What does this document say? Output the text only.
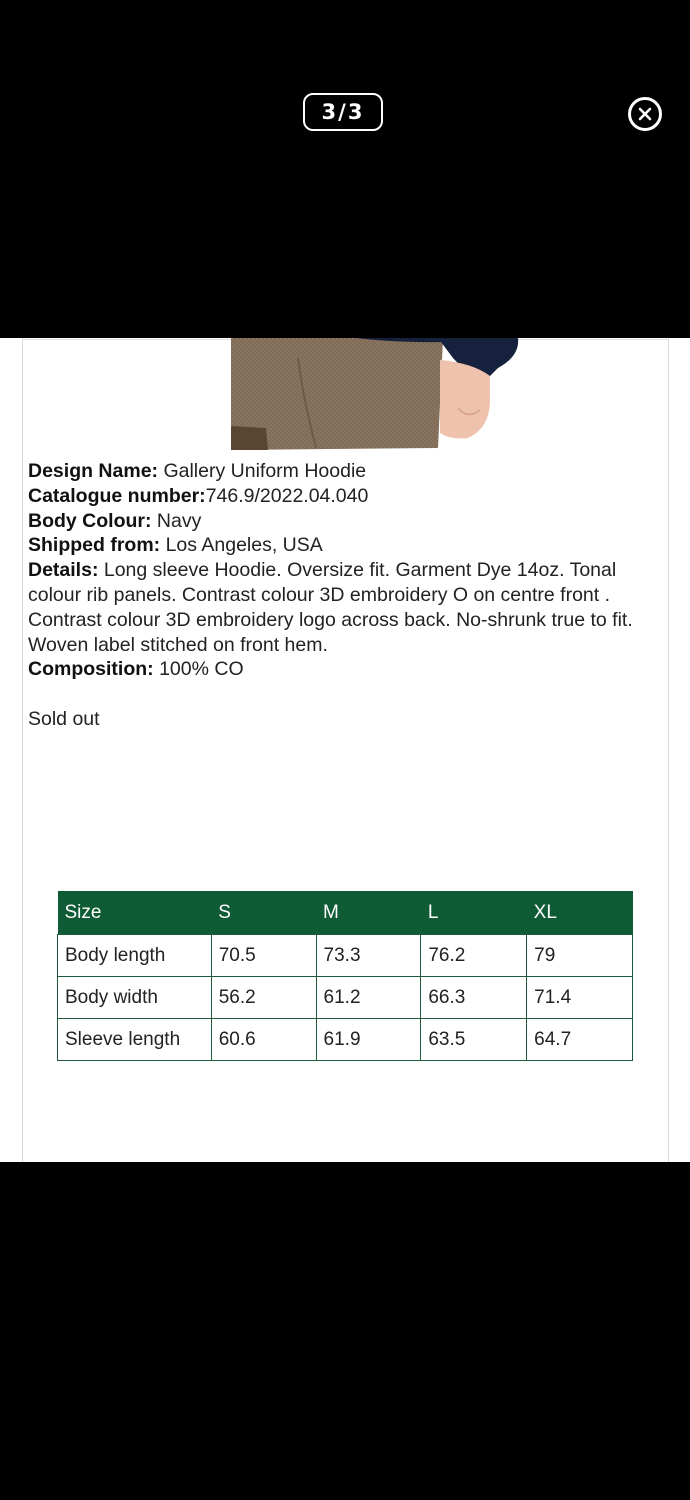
3/3

Design Name: Gallery Uniform Hoodie

Catalogue number:746.9/2022.04.040

Body Colour: Navy

Shipped from: Los Angeles, USA

Details: Long sleeve Hoodie. Oversize fit. Garment Dye 14oz. Tonal colour rib panels. Contrast colour 3D embroidery O on centre front . Contrast colour 3D embroidery logo across back. No-shrunk true to fit. Woven label stitched on front hem.

Composition: 100% CO

Sold out
Size	S	M	L	XL
Body length	70.5	73.3	76.2	79
Body width	56.2	61.2	66.3	71.4
Sleeve length	60.6	61.9	63.5	64.7
